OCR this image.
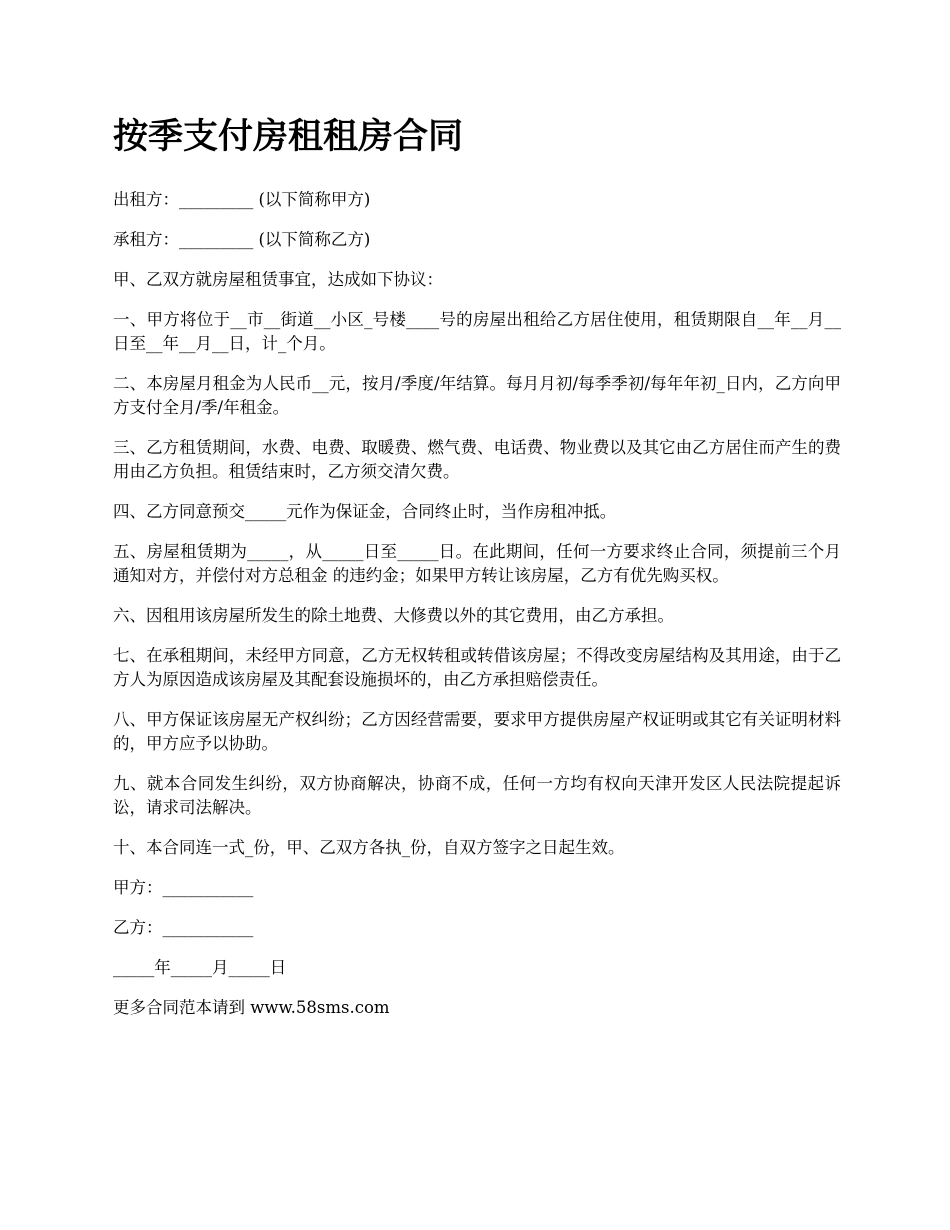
按季支付房租租房合同

出租方：_________ (以下简称甲方)

承租方：_________ (以下简称乙方)

甲、乙双方就房屋租赁事宜，达成如下协议：

一、甲方将位于__市__街道__小区_号楼____号的房屋出租给乙方居住使用，租赁期限自__年__月__日至__年__月__日，计_个月。

二、本房屋月租金为人民币__元，按月/季度/年结算。每月月初/每季季初/每年年初_日内，乙方向甲方支付全月/季/年租金。

三、乙方租赁期间，水费、电费、取暖费、燃气费、电话费、物业费以及其它由乙方居住而产生的费用由乙方负担。租赁结束时，乙方须交清欠费。

四、乙方同意预交_____元作为保证金，合同终止时，当作房租冲抵。

五、房屋租赁期为_____，从_____日至_____日。在此期间，任何一方要求终止合同，须提前三个月通知对方，并偿付对方总租金 的违约金；如果甲方转让该房屋，乙方有优先购买权。

六、因租用该房屋所发生的除土地费、大修费以外的其它费用，由乙方承担。

七、在承租期间，未经甲方同意，乙方无权转租或转借该房屋；不得改变房屋结构及其用途，由于乙方人为原因造成该房屋及其配套设施损坏的，由乙方承担赔偿责任。

八、甲方保证该房屋无产权纠纷；乙方因经营需要，要求甲方提供房屋产权证明或其它有关证明材料的，甲方应予以协助。

九、就本合同发生纠纷，双方协商解决，协商不成，任何一方均有权向天津开发区人民法院提起诉讼，请求司法解决。

十、本合同连一式_份，甲、乙双方各执_份，自双方签字之日起生效。

甲方：___________

乙方：___________

_____年_____月_____日

更多合同范本请到 www.58sms.com
